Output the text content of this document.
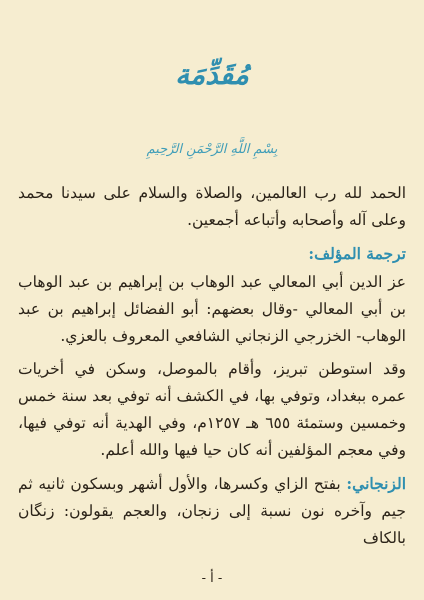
مُقَدِّمَة
بِسْمِ اللَّهِ الرَّحْمَنِ الرَّحِيمِ

الحمد لله رب العالمين، والصلاة والسلام على سيدنا محمد وعلى آله وأصحابه وأتباعه أجمعين.

ترجمة المؤلف:

عز الدين أبي المعالي عبد الوهاب بن إبراهيم بن عبد الوهاب بن أبي المعالي -وقال بعضهم: أبو الفضائل إبراهيم بن عبد الوهاب- الخزرجي الزنجاني الشافعي المعروف بالعزي.

وقد استوطن تبريز، وأقام بالموصل، وسكن في أخريات عمره ببغداد، وتوفي بها، في الكشف أنه توفي بعد سنة خمس وخمسين وستمئة ٦٥٥ هـ ١٢٥٧م، وفي الهدية أنه توفي فيها، وفي معجم المؤلفين أنه كان حيا فيها والله أعلم.

الزنجاني: بفتح الزاي وكسرها، والأول أشهر وبسكون ثانيه ثم جيم وآخره نون نسبة إلى زنجان، والعجم يقولون: زنگان بالكاف

- أ -
